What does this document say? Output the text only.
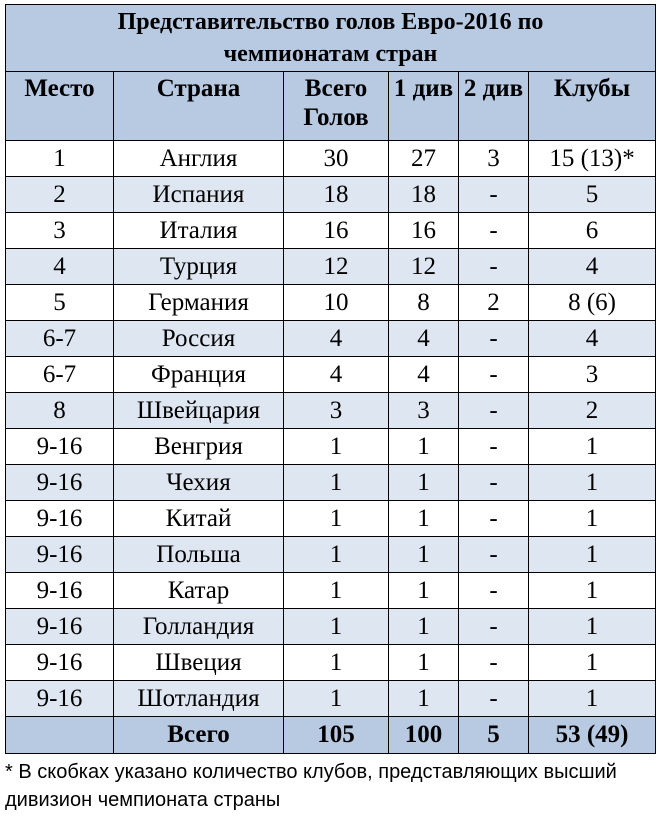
Представительство голов Евро-2016 по чемпионатам стран					
Место	Страна	Всего Голов	1 див	2 див	Клубы
1	Англия	30	27	3	15 (13)*
2	Испания	18	18	-	5
3	Италия	16	16	-	6
4	Турция	12	12	-	4
5	Германия	10	8	2	8 (6)
6-7	Россия	4	4	-	4
6-7	Франция	4	4	-	3
8	Швейцария	3	3	-	2
9-16	Венгрия	1	1	-	1
9-16	Чехия	1	1	-	1
9-16	Китай	1	1	-	1
9-16	Польша	1	1	-	1
9-16	Катар	1	1	-	1
9-16	Голландия	1	1	-	1
9-16	Швеция	1	1	-	1
9-16	Шотландия	1	1	-	1
	Всего	105	100	5	53 (49)
* В скобках указано количество клубов, представляющих высший дивизион чемпионата страны
